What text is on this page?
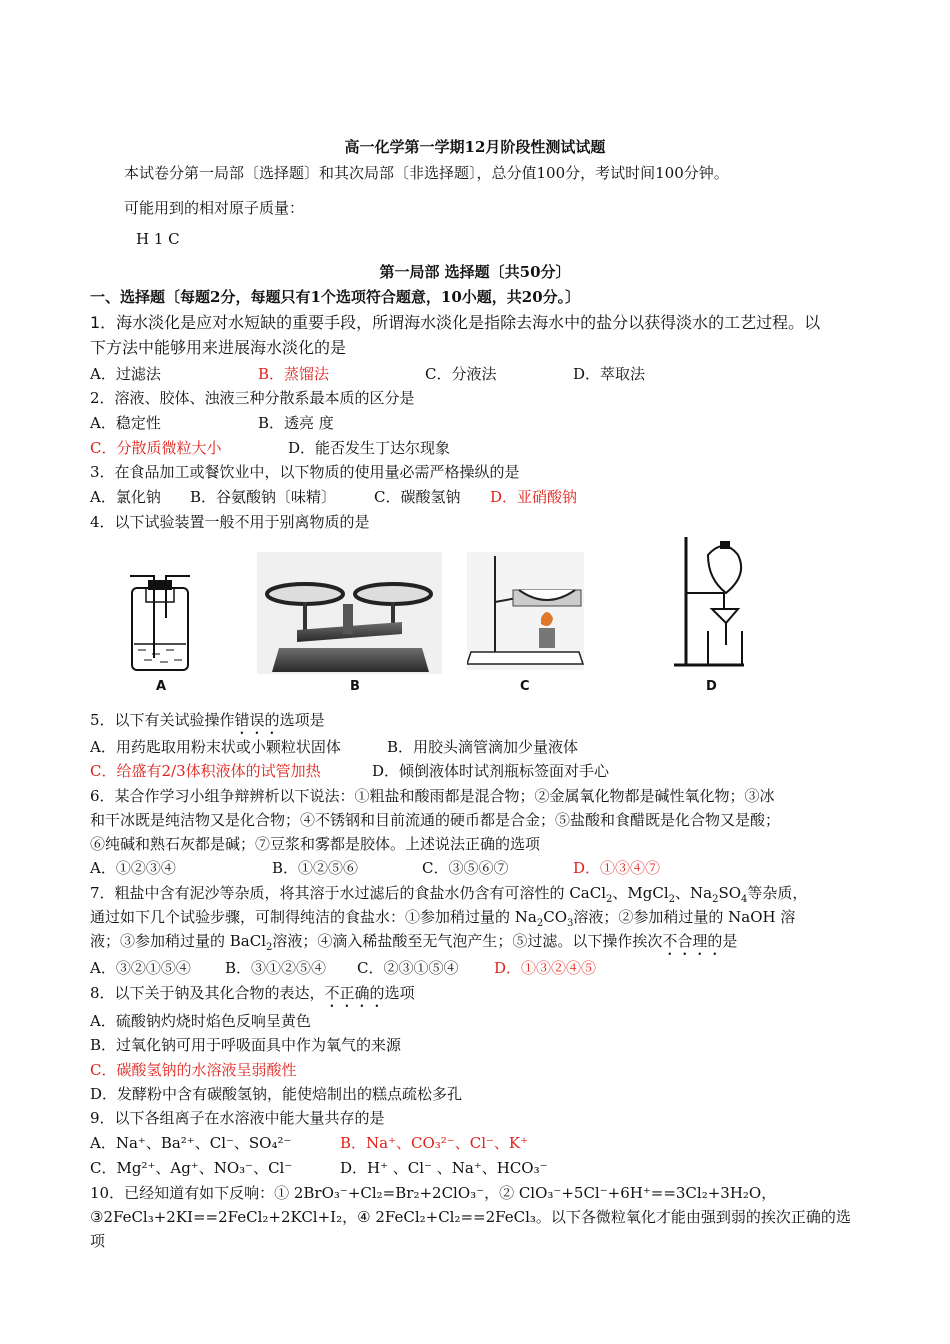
高一化学第一学期12月阶段性测试试题
本试卷分第一局部〔选择题〕和其次局部〔非选择题〕，总分值100分，考试时间100分钟。
可能用到的相对原子质量：
H 1 C
第一局部 选择题〔共50分〕
一、选择题〔每题2分，每题只有1个选项符合题意，10小题，共20分。〕
1．海水淡化是应对水短缺的重要手段，所谓海水淡化是指除去海水中的盐分以获得淡水的工艺过程。以
下方法中能够用来进展海水淡化的是
A．过滤法	B．蒸馏法	C．分液法	D．萃取法
2．溶液、胶体、浊液三种分散系最本质的区分是
A．稳定性	B．透亮 度
C．分散质微粒大小	D．能否发生丁达尔现象
3．在食品加工或餐饮业中，以下物质的使用量必需严格操纵的是
A．氯化钠 B．谷氨酸钠〔味精〕	C．碳酸氢钠 D．亚硝酸钠
4．以下试验装置一般不用于别离物质的是
A	B	C	D
5．以下有关试验操作错误的选项是
A．用药匙取用粉末状或小颗粒状固体	B．用胶头滴管滴加少量液体
C．给盛有2/3体积液体的试管加热	D．倾倒液体时试剂瓶标签面对手心
6．某合作学习小组争辩辨析以下说法：①粗盐和酸雨都是混合物；②金属氧化物都是碱性氧化物；③冰
和干冰既是纯洁物又是化合物；④不锈钢和目前流通的硬币都是合金；⑤盐酸和食醋既是化合物又是酸；
⑥纯碱和熟石灰都是碱；⑦豆浆和雾都是胶体。上述说法正确的选项
A．①②③④	B．①②⑤⑥	C．③⑤⑥⑦	D．①③④⑦
7．粗盐中含有泥沙等杂质，将其溶于水过滤后的食盐水仍含有可溶性的 CaCl$_2$、MgCl$_2$、$Na_2SO_4$等杂质，
通过如下几个试验步骤，可制得纯洁的食盐水：①参加稍过量的 $Na_2CO_3$溶液；②参加稍过量的 NaOH 溶
液；③参加稍过量的 BaCl$_2$溶液；④滴入稀盐酸至无气泡产生；⑤过滤。以下操作挨次不合理的是
A．③②①⑤④ B．③①②⑤④ C．②③①⑤④ D．①③②④⑤
8．以下关于钠及其化合物的表达，不正确的选项
A．硫酸钠灼烧时焰色反响呈黄色
B．过氧化钠可用于呼吸面具中作为氧气的来源
C．碳酸氢钠的水溶液呈弱酸性
D．发酵粉中含有碳酸氢钠，能使焙制出的糕点疏松多孔
9．以下各组离子在水溶液中能大量共存的是
A．Na⁺、Ba²⁺、Cl⁻、SO₄²⁻	B．Na⁺、CO₃²⁻、Cl⁻、K⁺
C．Mg²⁺、Ag⁺、NO₃⁻、Cl⁻	D．H⁺ 、Cl⁻ 、Na⁺、HCO₃⁻
10．已经知道有如下反响：① 2BrO₃⁻+Cl₂=Br₂+2ClO₃⁻，② ClO₃⁻+5Cl⁻+6H⁺==3Cl₂+3H₂O，
③2FeCl₃+2KI==2FeCl₂+2KCl+I₂，④ 2FeCl₂+Cl₂==2FeCl₃。以下各微粒氧化才能由强到弱的挨次正确的选
项
